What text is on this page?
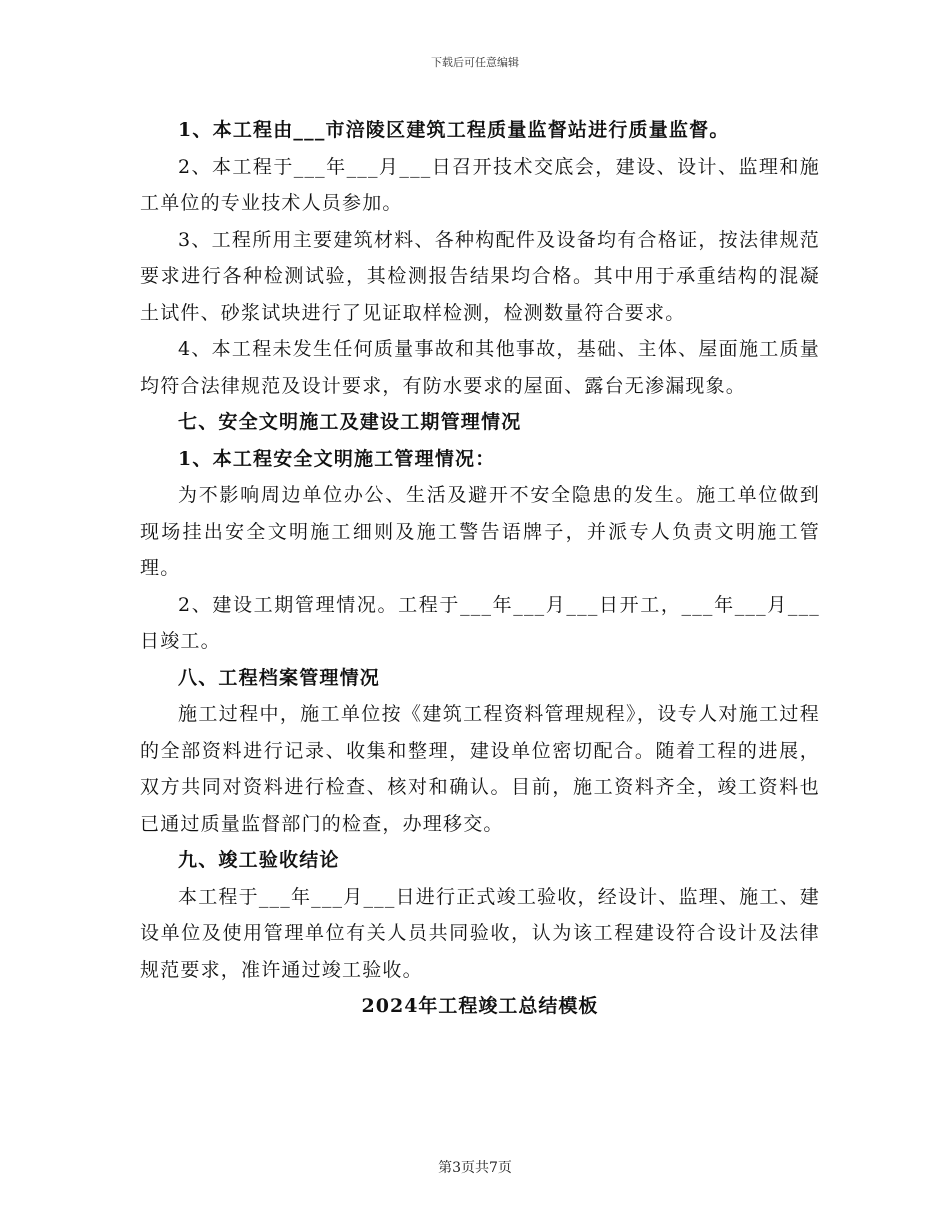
下载后可任意编辑

1、本工程由___市涪陵区建筑工程质量监督站进行质量监督。

2、本工程于___年___月___日召开技术交底会，建设、设计、监理和施工单位的专业技术人员参加。

3、工程所用主要建筑材料、各种构配件及设备均有合格证，按法律规范要求进行各种检测试验，其检测报告结果均合格。其中用于承重结构的混凝土试件、砂浆试块进行了见证取样检测，检测数量符合要求。

4、本工程未发生任何质量事故和其他事故，基础、主体、屋面施工质量均符合法律规范及设计要求，有防水要求的屋面、露台无渗漏现象。

七、安全文明施工及建设工期管理情况

1、本工程安全文明施工管理情况：

为不影响周边单位办公、生活及避开不安全隐患的发生。施工单位做到现场挂出安全文明施工细则及施工警告语牌子，并派专人负责文明施工管理。

2、建设工期管理情况。工程于___年___月___日开工，___年___月___日竣工。

八、工程档案管理情况

施工过程中，施工单位按《建筑工程资料管理规程》，设专人对施工过程的全部资料进行记录、收集和整理，建设单位密切配合。随着工程的进展，双方共同对资料进行检查、核对和确认。目前，施工资料齐全，竣工资料也已通过质量监督部门的检查，办理移交。

九、竣工验收结论

本工程于___年___月___日进行正式竣工验收，经设计、监理、施工、建设单位及使用管理单位有关人员共同验收，认为该工程建设符合设计及法律规范要求，准许通过竣工验收。

2024年工程竣工总结模板

第3页共7页
